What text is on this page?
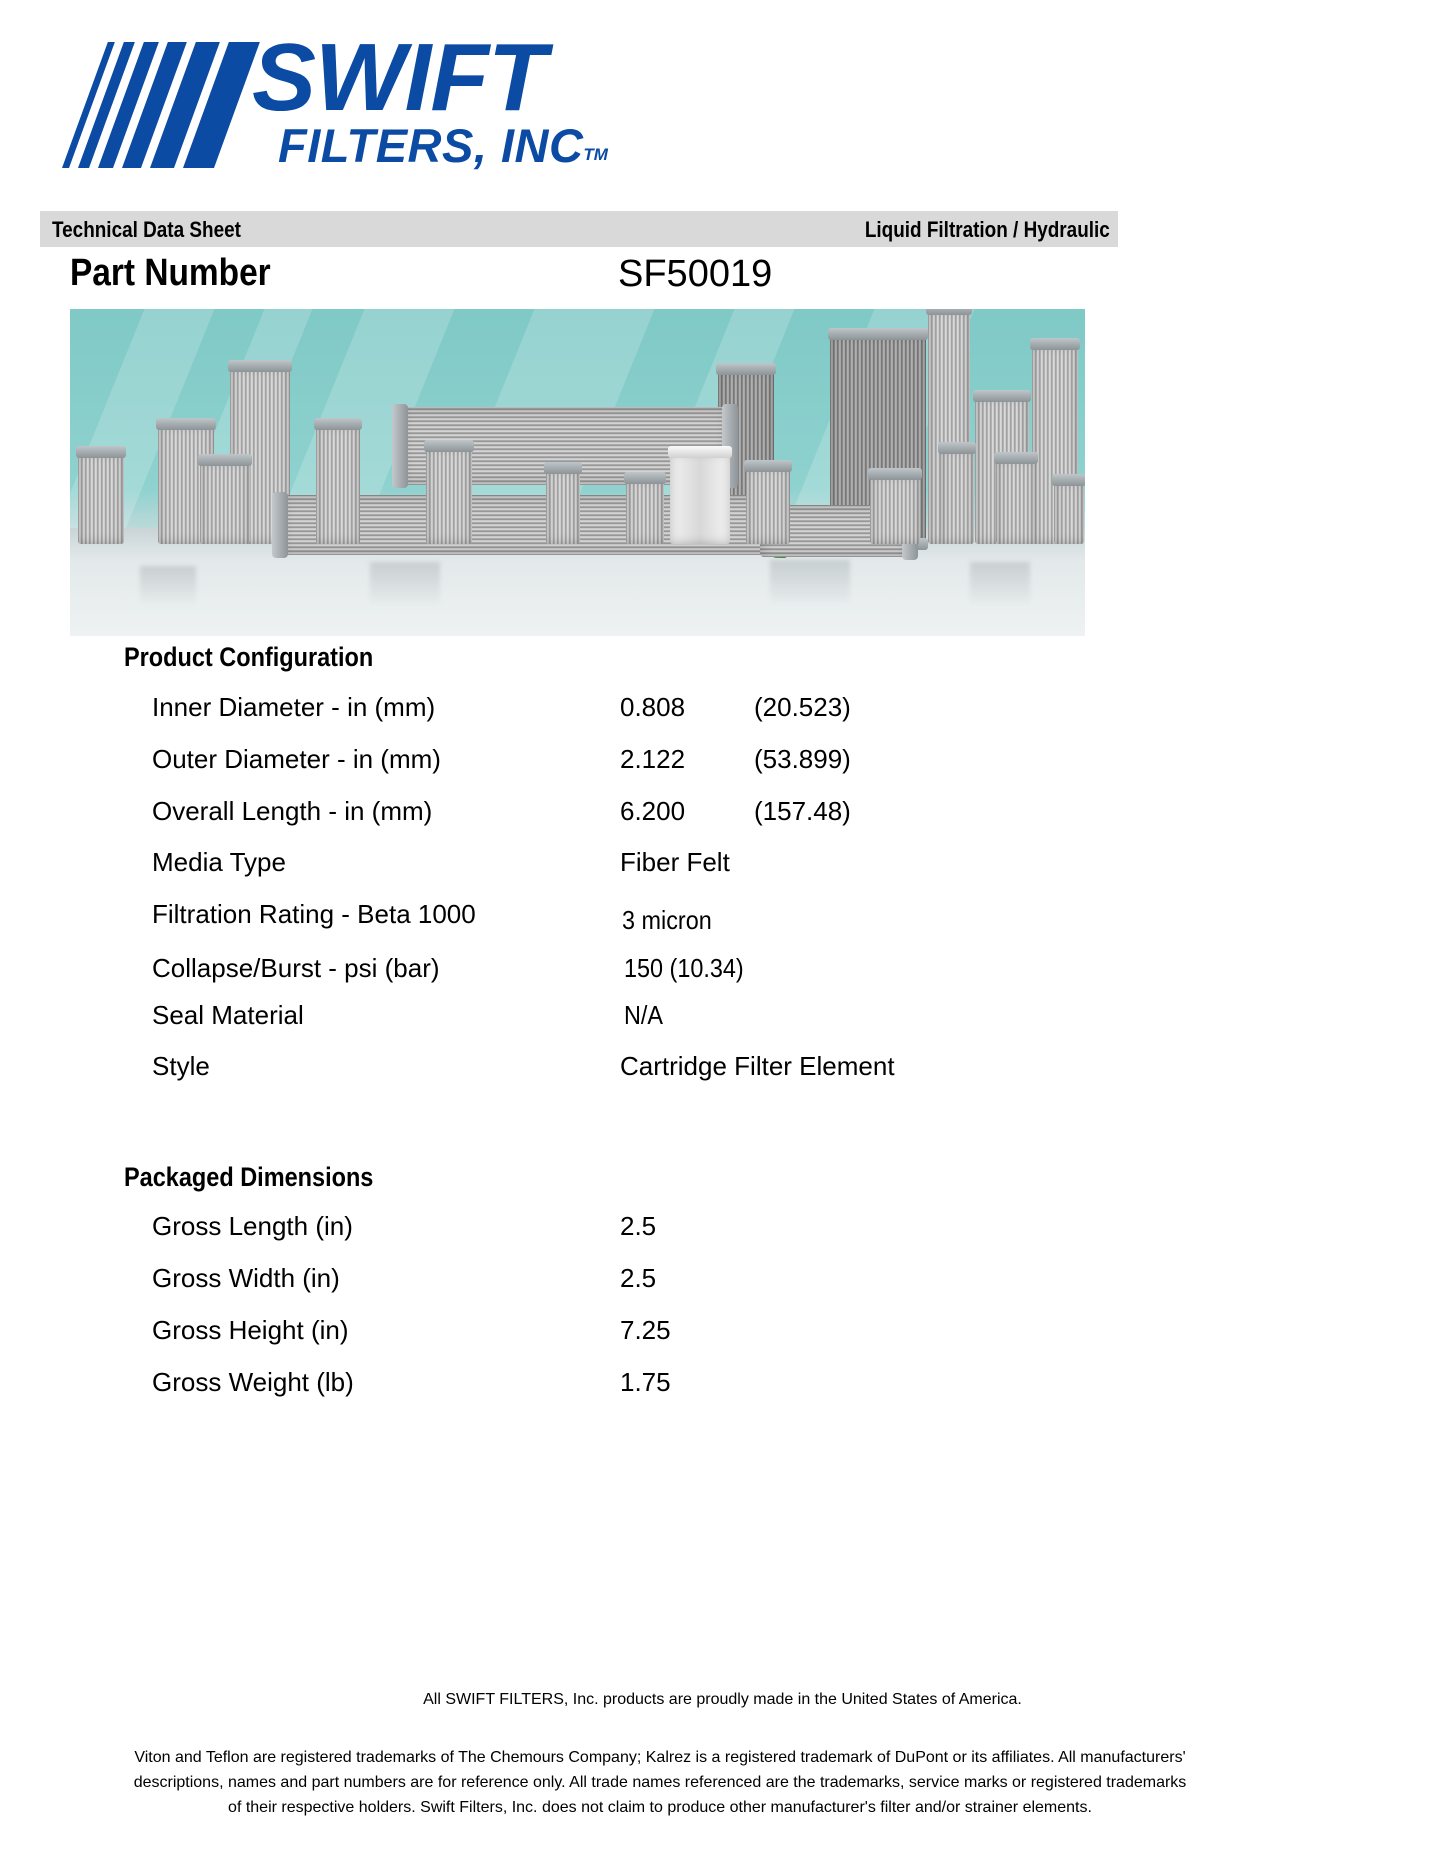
SWIFT
FILTERS, INCTM
Technical Data Sheet	Liquid Filtration / Hydraulic
Part Number	SF50019
Product Configuration
Inner Diameter - in (mm)	0.808	(20.523)
Outer Diameter - in (mm)	2.122	(53.899)
Overall Length - in (mm)	6.200	(157.48)
Media Type	Fiber Felt
Filtration Rating - Beta 1000	3 micron
Collapse/Burst - psi (bar)	150 (10.34)
Seal Material	N/A
Style	Cartridge Filter Element
Packaged Dimensions
Gross Length (in)	2.5
Gross Width (in)	2.5
Gross Height (in)	7.25
Gross Weight (lb)	1.75
All SWIFT FILTERS, Inc. products are proudly made in the United States of America.
Viton and Teflon are registered trademarks of The Chemours Company; Kalrez is a registered trademark of DuPont or its affiliates. All manufacturers' descriptions, names and part numbers are for reference only. All trade names referenced are the trademarks, service marks or registered trademarks of their respective holders. Swift Filters, Inc. does not claim to produce other manufacturer's filter and/or strainer elements.
